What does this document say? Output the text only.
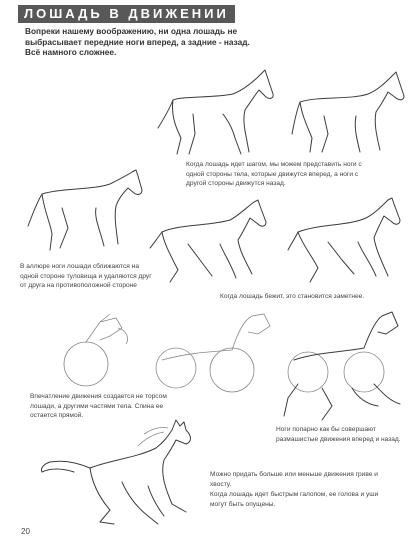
ЛОШАДЬ В ДВИЖЕНИИ
Вопреки нашему воображению, ни одна лошадь не выбрасывает передние ноги вперед, а задние - назад. Всё намного сложнее.
Когда лошадь идет шагом, мы можем представить ноги с одной стороны тела, которые движутся вперед, а ноги с другой стороны движутся назад.
В аллюре ноги лошади сближаются на одной стороне туловища и удаляются друг от друга на противоположной стороне
Когда лошадь бежит, это становится заметнее.
Впечатление движения создается не торсом лошади, а другими частями тела. Спина ее остается прямой.
Ноги попарно как бы совершают размашистые движения вперед и назад.
Можно придать больше или меньше движения гриве и хвосту.
Когда лошадь идет быстрым галопом, ее голова и уши могут быть опущены.
20
